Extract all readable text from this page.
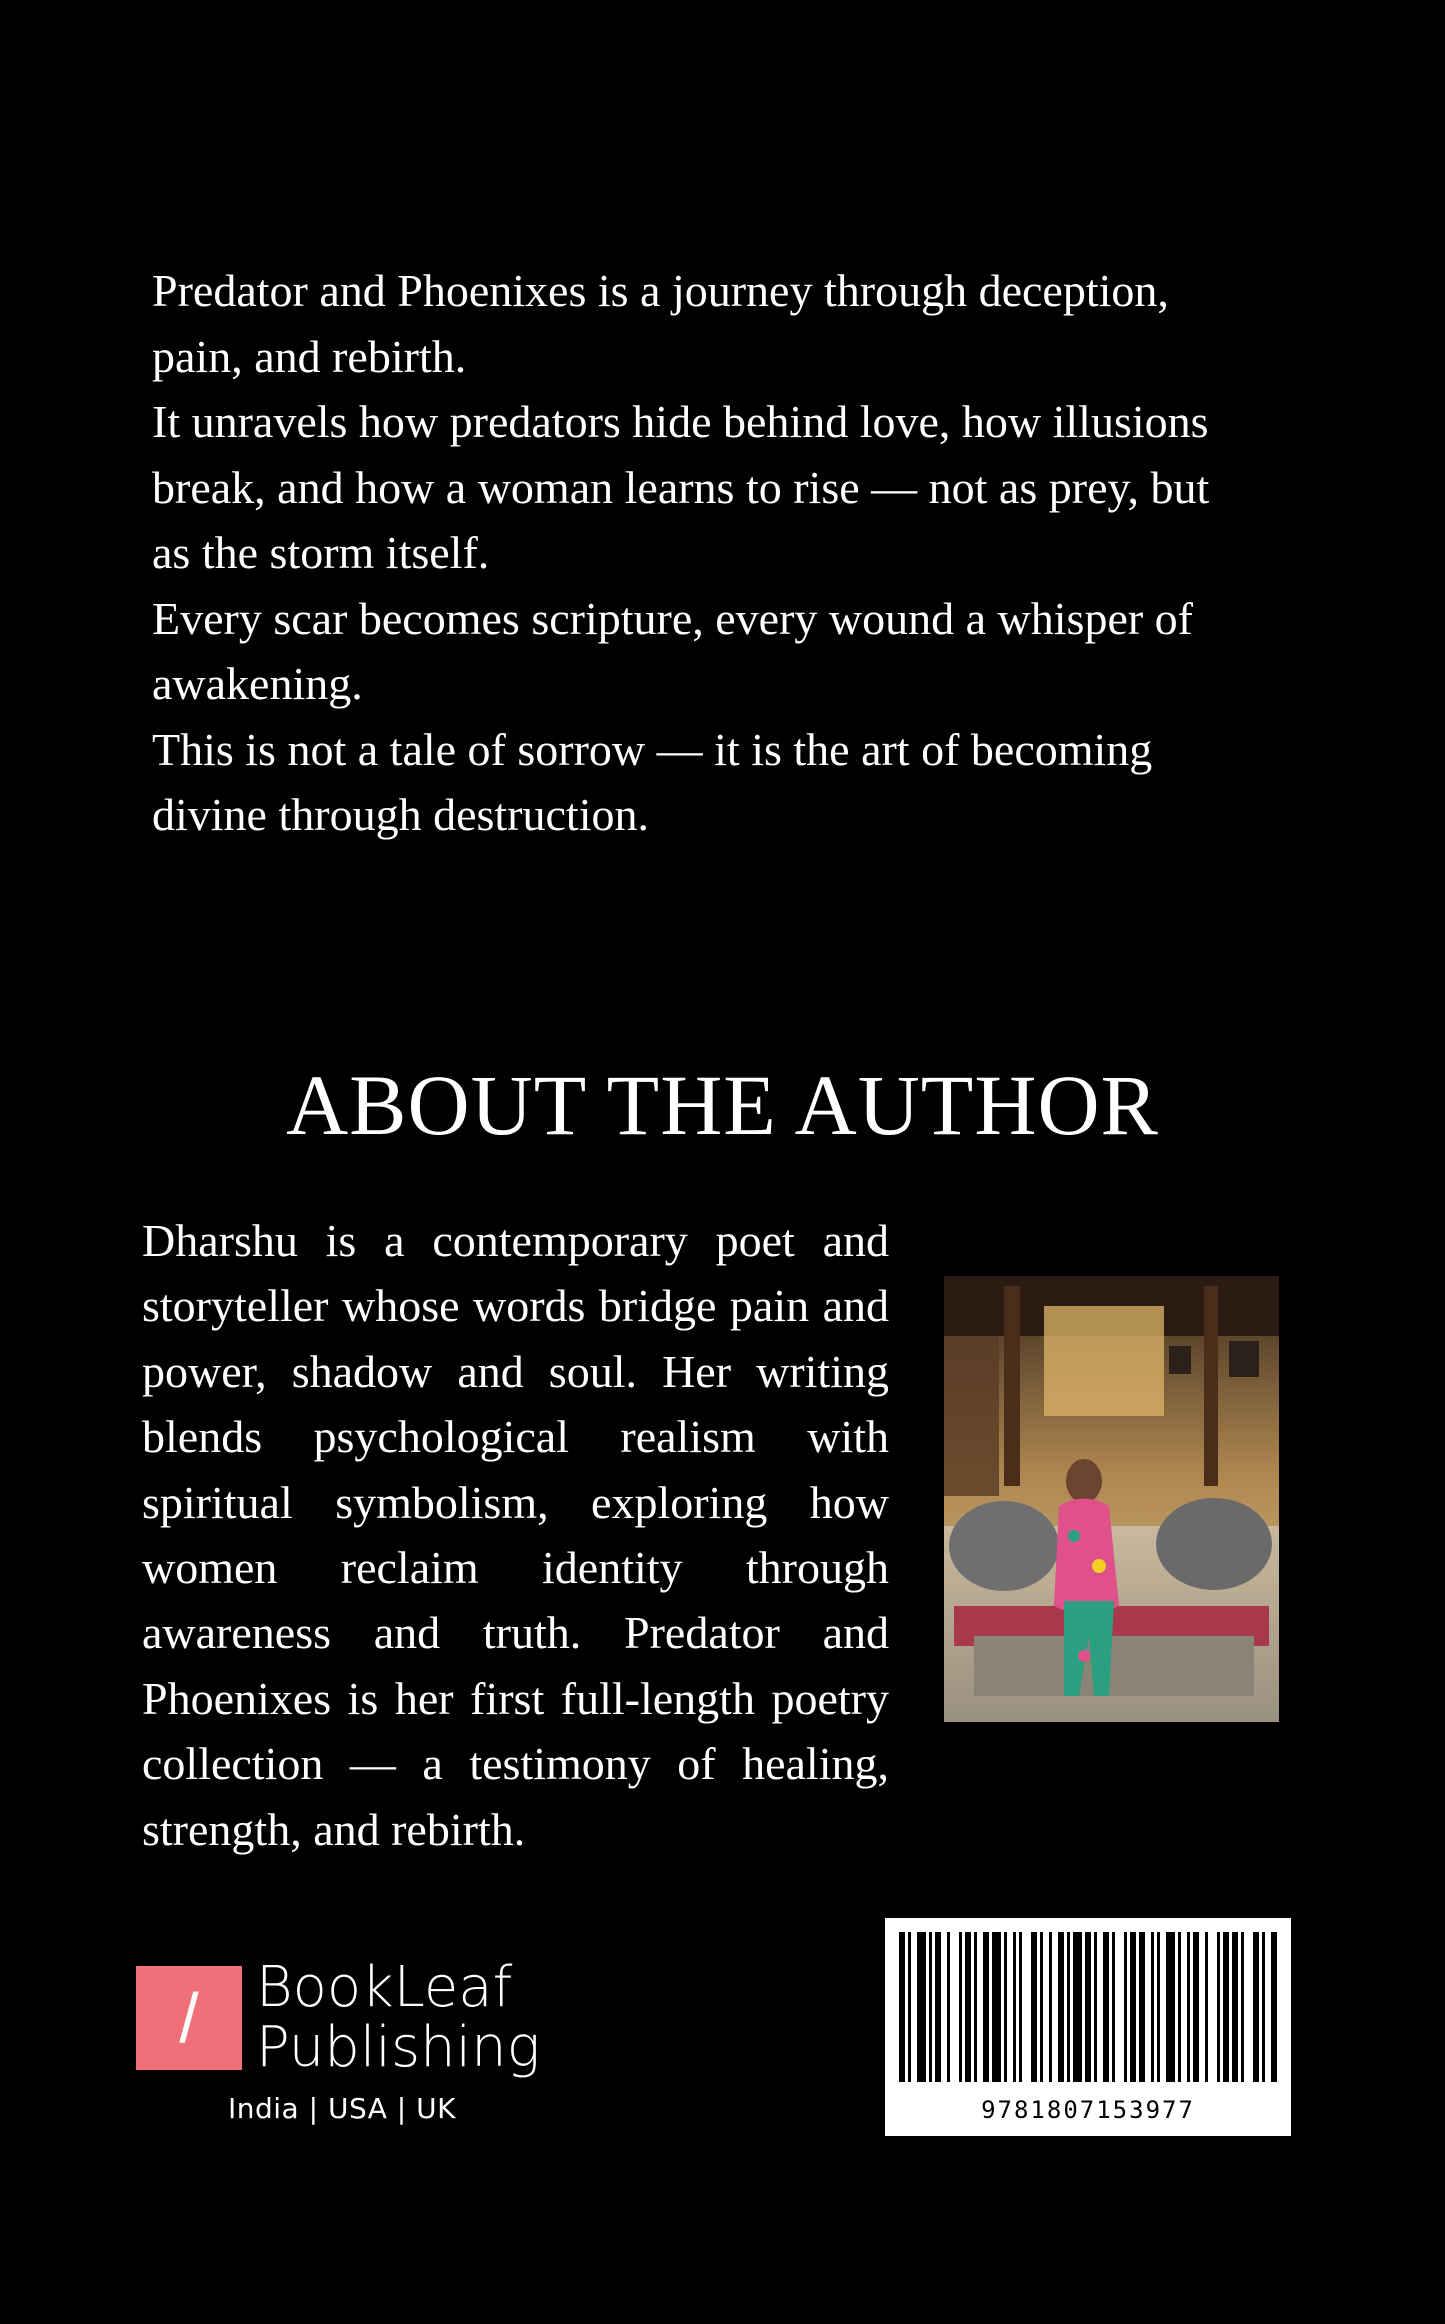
Predator and Phoenixes is a journey through deception,

pain, and rebirth.

It unravels how predators hide behind love, how illusions

break, and how a woman learns to rise — not as prey, but

as the storm itself.

Every scar becomes scripture, every wound a whisper of

awakening.

This is not a tale of sorrow — it is the art of becoming

divine through destruction.

ABOUT THE AUTHOR

Dharshu is a contemporary poet and storyteller whose words bridge pain and power, shadow and soul. Her writing blends psychological realism with spiritual symbolism, exploring how women reclaim identity through awareness and truth. Predator and Phoenixes is her first full-length poetry collection — a testimony of healing, strength, and rebirth.

/	BookLeaf
Publishing
India | USA | UK	9781807153977
